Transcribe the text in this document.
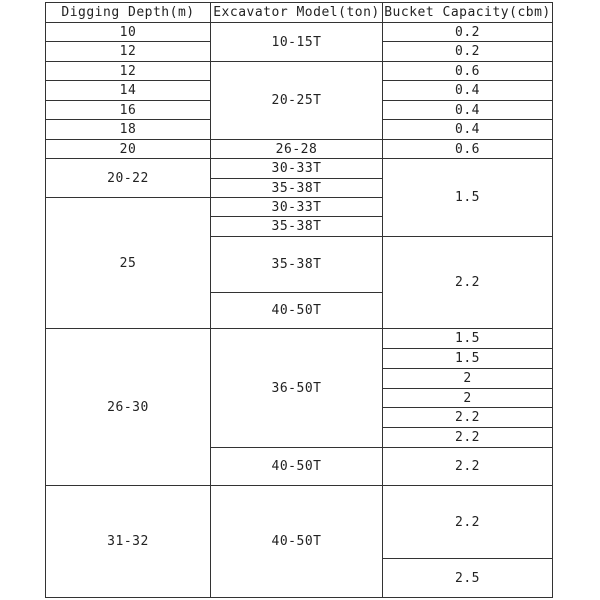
Digging Depth(m)	Excavator Model(ton) Bucket Capacity(cbm)
10
12
12
14
16
18
20
20-22
25
26-30
31-32
10-15T
20-25T
26-28
30-33T
35-38T
30-33T
35-38T
35-38T
40-50T
36-50T
40-50T
40-50T
0.2
0.2
0.6
0.4
0.4
0.4
0.6
1.5
2.2
1.5
1.5
2
2
2.2
2.2
2.2
2.2
2.5
